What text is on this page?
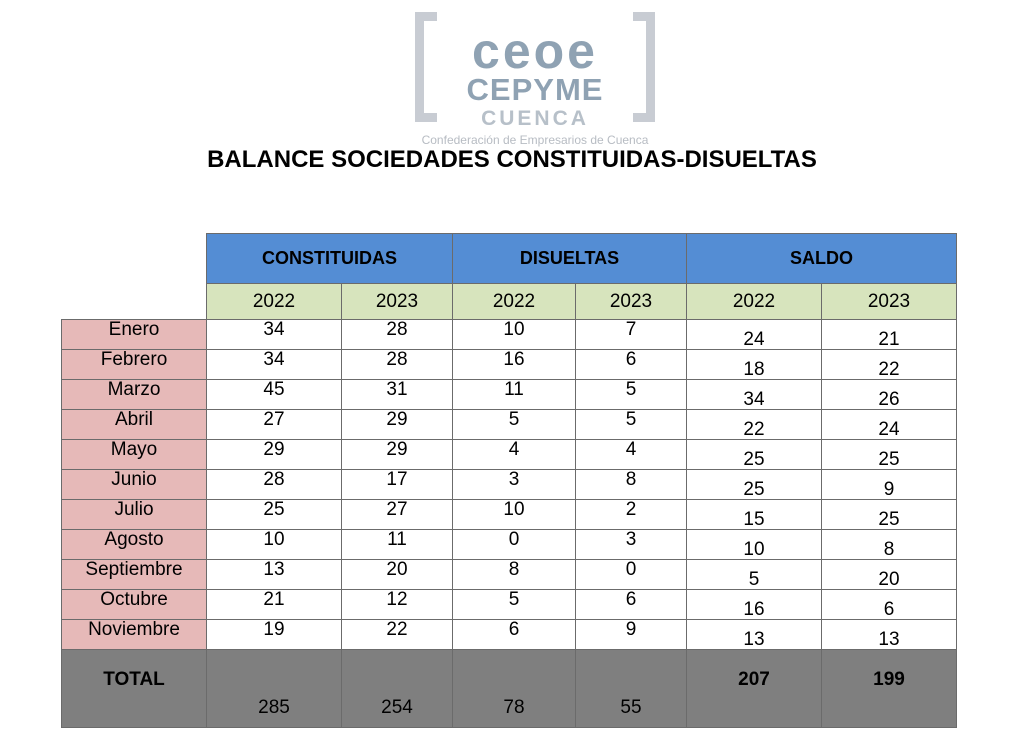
ceoe
CEPYME
CUENCA
Confederación de Empresarios de Cuenca
BALANCE SOCIEDADES CONSTITUIDAS-DISUELTAS
	CONSTITUIDAS		DISUELTAS		SALDO	
	2022	2023	2022	2023	2022	2023
Enero	34	28	10	7	24	21
Febrero	34	28	16	6	18	22
Marzo	45	31	11	5	34	26
Abril	27	29	5	5	22	24
Mayo	29	29	4	4	25	25
Junio	28	17	3	8	25	9
Julio	25	27	10	2	15	25
Agosto	10	11	0	3	10	8
Septiembre	13	20	8	0	5	20
Octubre	21	12	5	6	16	6
Noviembre	19	22	6	9	13	13
TOTAL	285	254	78	55	207	199
